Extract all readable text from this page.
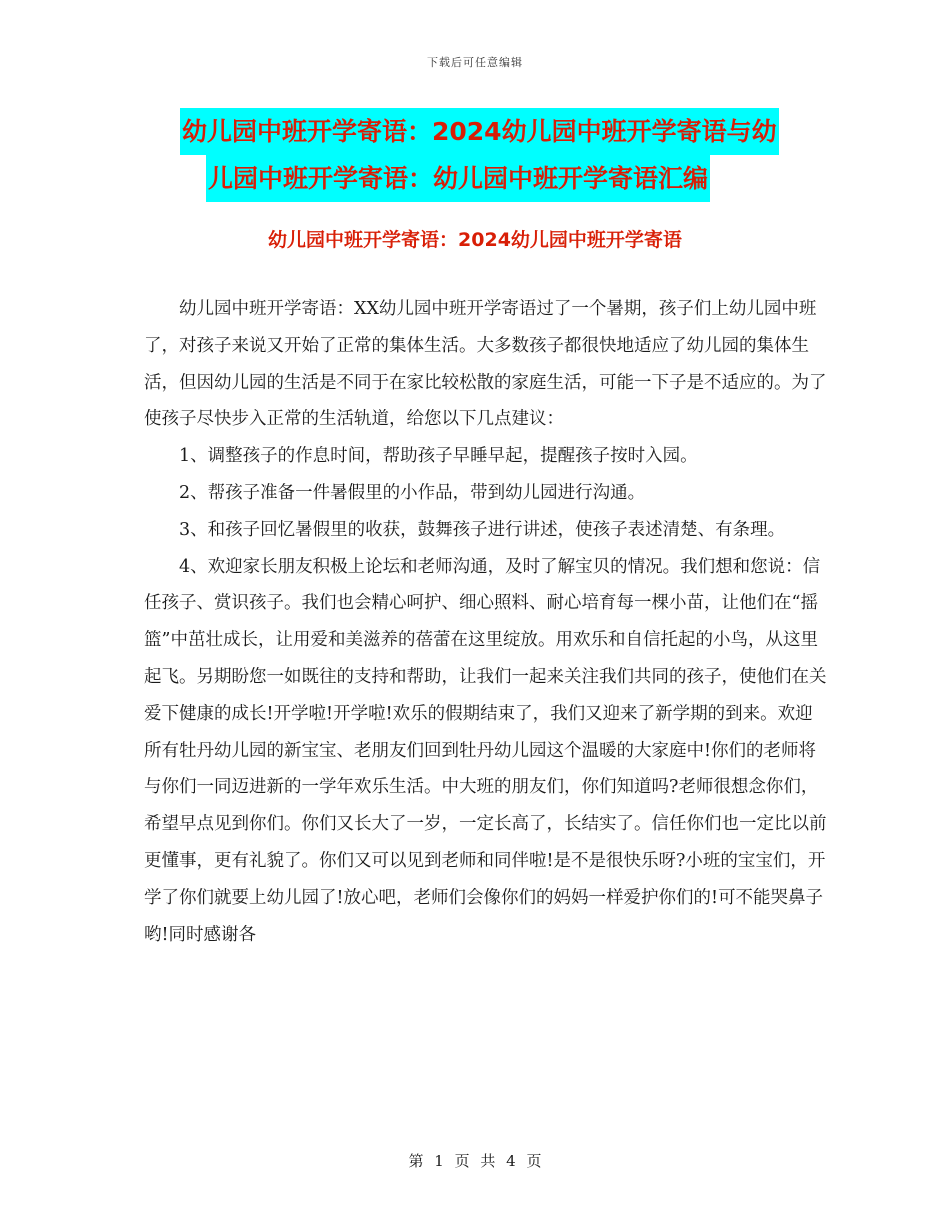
下载后可任意编辑
幼儿园中班开学寄语：2024幼儿园中班开学寄语与幼
儿园中班开学寄语：幼儿园中班开学寄语汇编
幼儿园中班开学寄语：2024幼儿园中班开学寄语

幼儿园中班开学寄语：XX幼儿园中班开学寄语过了一个暑期，孩子们上幼儿园中班了，对孩子来说又开始了正常的集体生活。大多数孩子都很快地适应了幼儿园的集体生活，但因幼儿园的生活是不同于在家比较松散的家庭生活，可能一下子是不适应的。为了使孩子尽快步入正常的生活轨道，给您以下几点建议：

1、调整孩子的作息时间，帮助孩子早睡早起，提醒孩子按时入园。

2、帮孩子准备一件暑假里的小作品，带到幼儿园进行沟通。

3、和孩子回忆暑假里的收获，鼓舞孩子进行讲述，使孩子表述清楚、有条理。

4、欢迎家长朋友积极上论坛和老师沟通，及时了解宝贝的情况。我们想和您说：信任孩子、赏识孩子。我们也会精心呵护、细心照料、耐心培育每一棵小苗，让他们在“摇篮”中茁壮成长，让用爱和美滋养的蓓蕾在这里绽放。用欢乐和自信托起的小鸟，从这里起飞。另期盼您一如既往的支持和帮助，让我们一起来关注我们共同的孩子，使他们在关爱下健康的成长!开学啦!开学啦!欢乐的假期结束了，我们又迎来了新学期的到来。欢迎所有牡丹幼儿园的新宝宝、老朋友们回到牡丹幼儿园这个温暖的大家庭中!你们的老师将与你们一同迈进新的一学年欢乐生活。中大班的朋友们，你们知道吗?老师很想念你们，希望早点见到你们。你们又长大了一岁，一定长高了，长结实了。信任你们也一定比以前更懂事，更有礼貌了。你们又可以见到老师和同伴啦!是不是很快乐呀?小班的宝宝们，开学了你们就要上幼儿园了!放心吧，老师们会像你们的妈妈一样爱护你们的!可不能哭鼻子哟!同时感谢各

第 1 页 共 4 页
